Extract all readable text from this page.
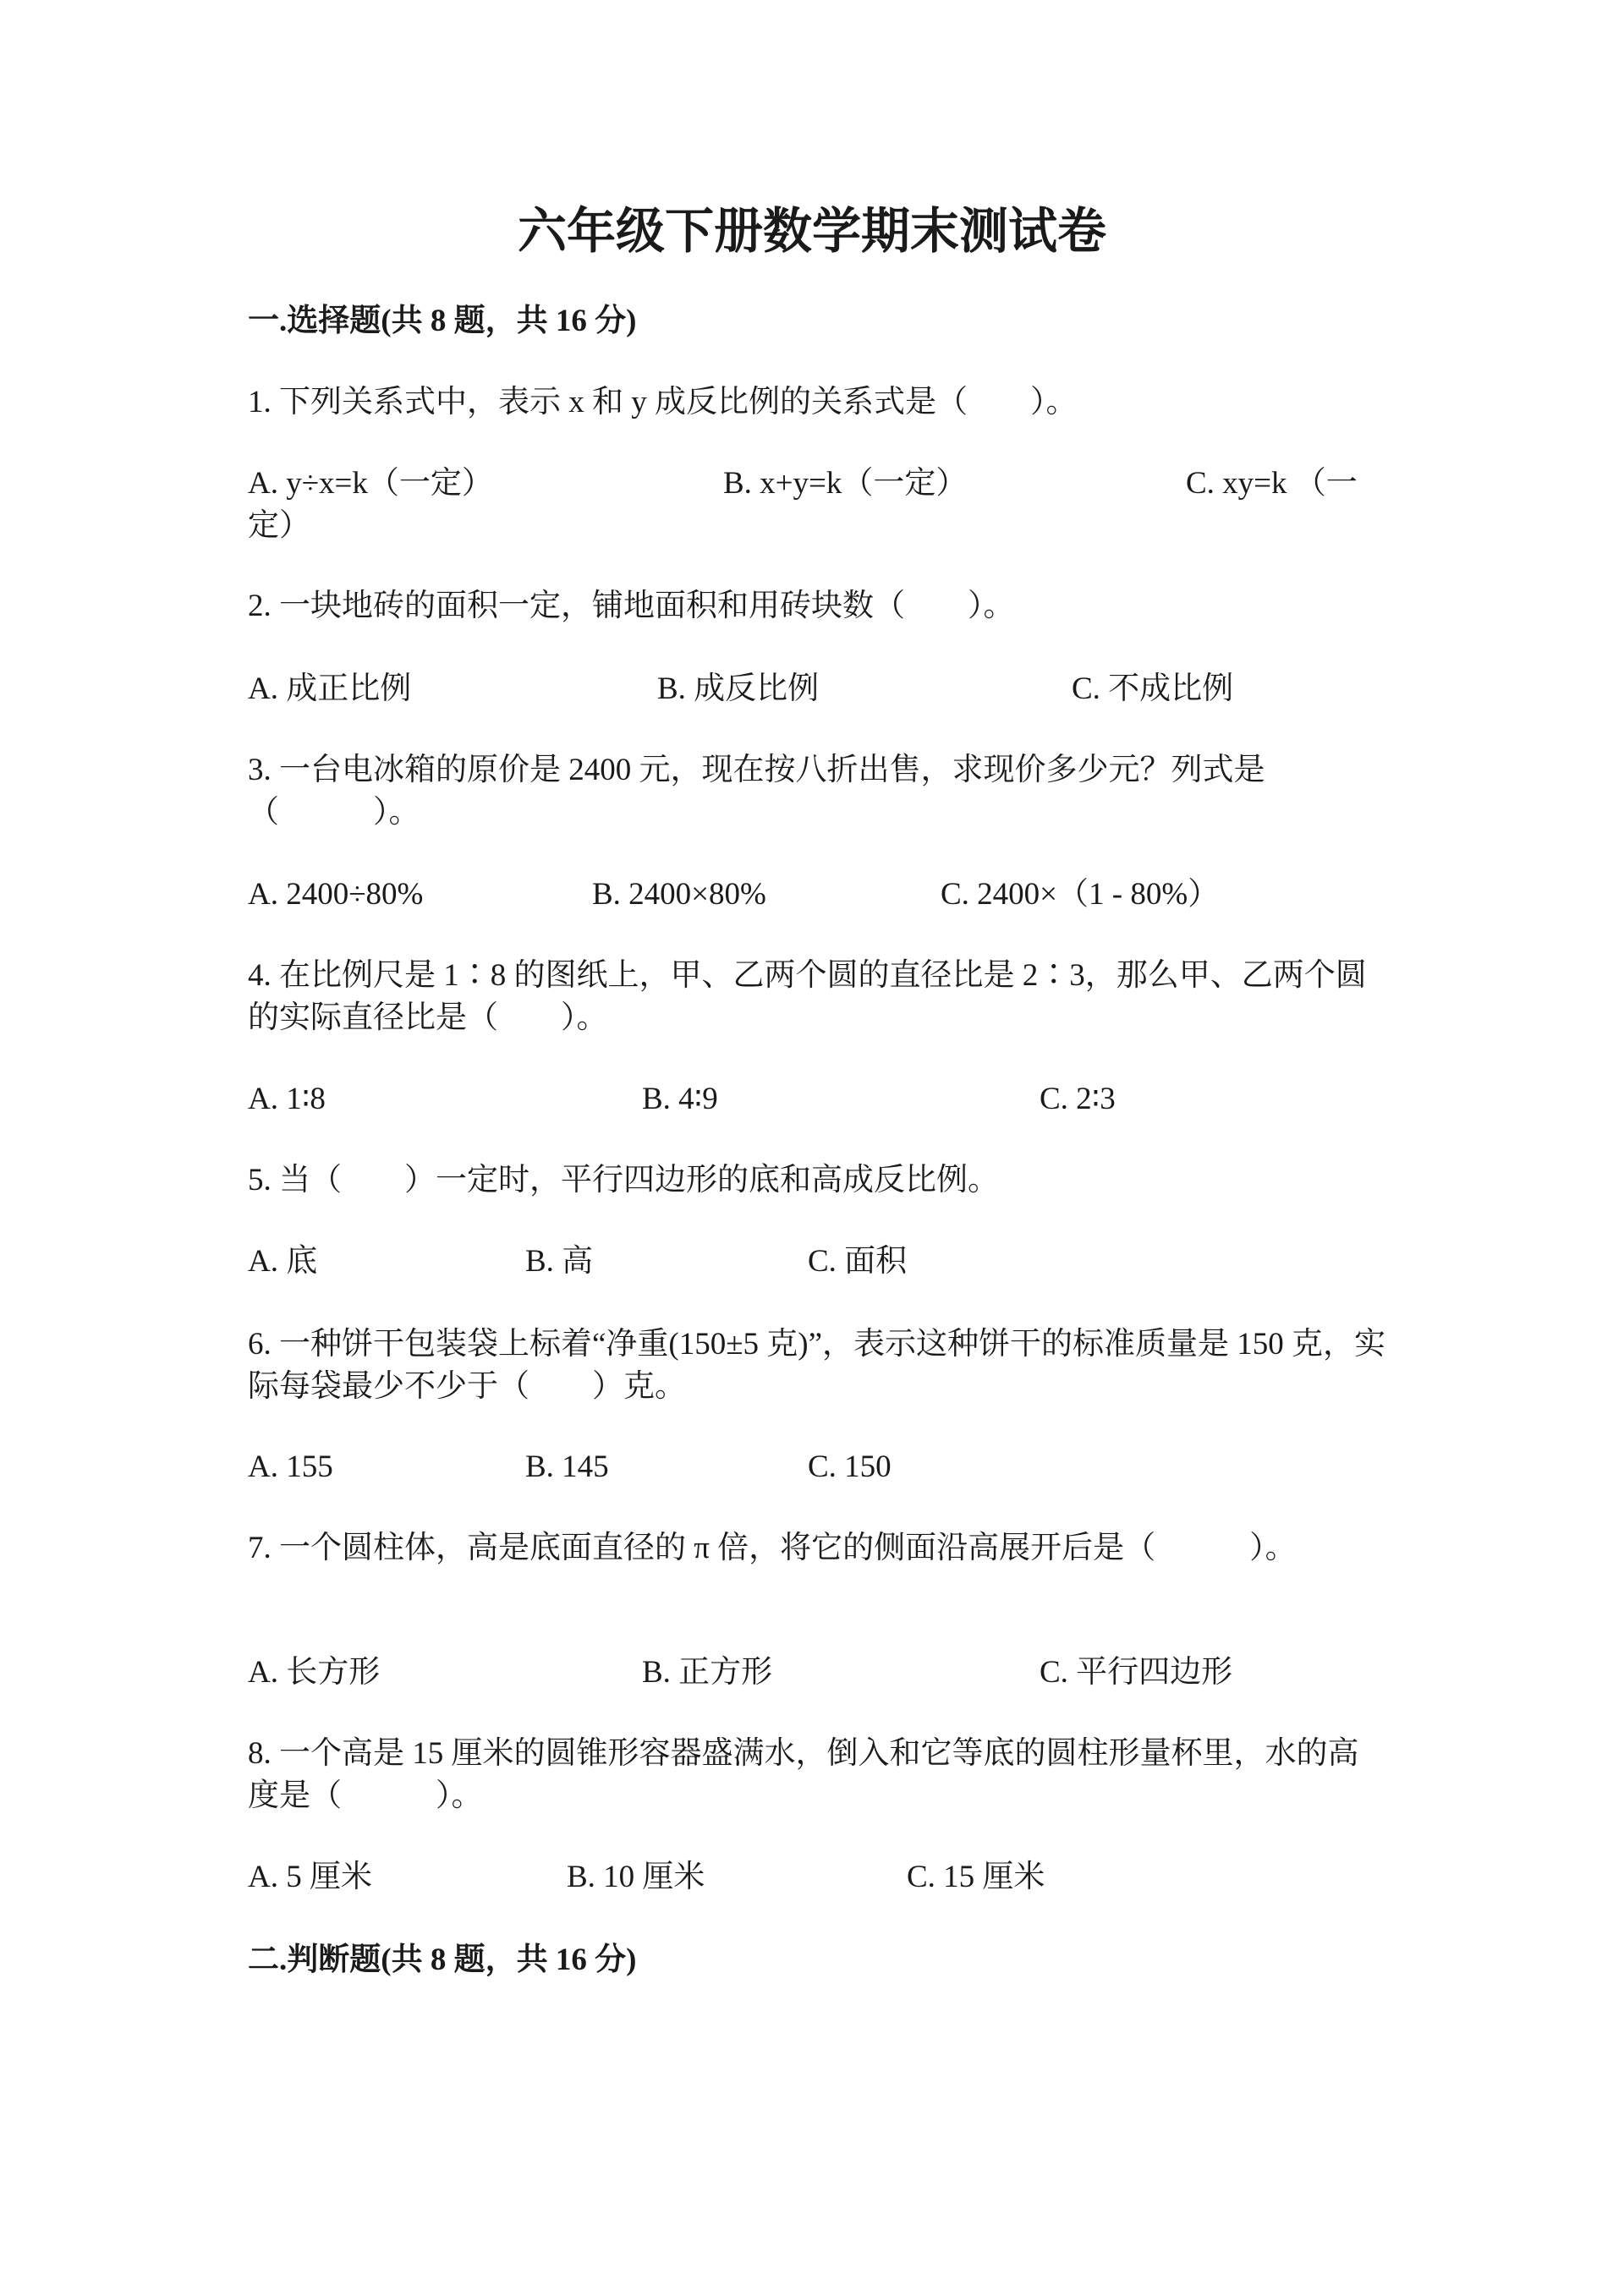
六年级下册数学期末测试卷
一.选择题(共 8 题，共 16 分)
1. 下列关系式中，表示 x 和 y 成反比例的关系式是（　　）。
A. y÷x=k（一定）	B. x+y=k（一定）	C. xy=k （一定）
2. 一块地砖的面积一定，铺地面积和用砖块数（　　）。
A. 成正比例	B. 成反比例	C. 不成比例
3. 一台电冰箱的原价是 2400 元，现在按八折出售，求现价多少元？列式是（　　　）。
A. 2400÷80%	B. 2400×80%	C. 2400×（1 - 80%）
4. 在比例尺是 1∶8 的图纸上，甲、乙两个圆的直径比是 2∶3，那么甲、乙两个圆的实际直径比是（　　）。
A. 1∶8	B. 4∶9	C. 2∶3
5. 当（　　）一定时，平行四边形的底和高成反比例。
A. 底	B. 高	C. 面积
6. 一种饼干包装袋上标着“净重(150±5 克)”，表示这种饼干的标准质量是 150 克，实际每袋最少不少于（　　）克。
A. 155	B. 145	C. 150
7. 一个圆柱体，高是底面直径的 π 倍，将它的侧面沿高展开后是（　　　）。
A. 长方形	B. 正方形	C. 平行四边形
8. 一个高是 15 厘米的圆锥形容器盛满水，倒入和它等底的圆柱形量杯里，水的高度是（　　　）。
A. 5 厘米	B. 10 厘米	C. 15 厘米
二.判断题(共 8 题，共 16 分)
